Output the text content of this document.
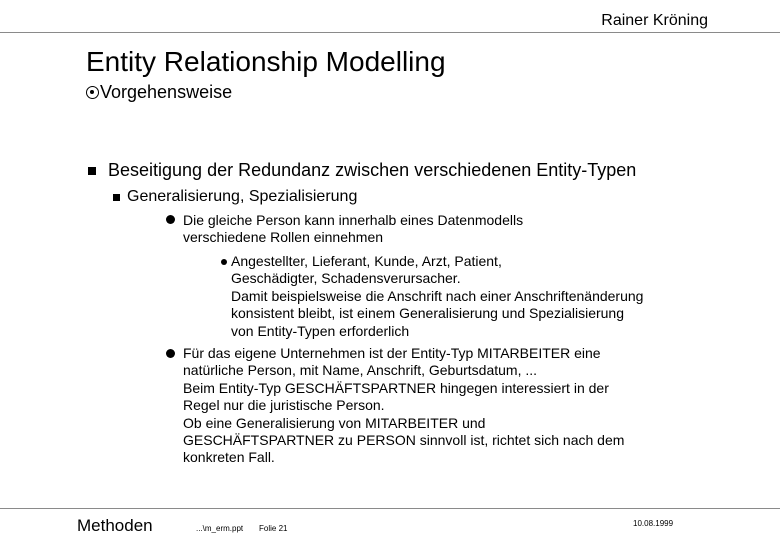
Rainer Kröning
Entity Relationship Modelling
Vorgehensweise
Beseitigung der Redundanz zwischen verschiedenen Entity-Typen
Generalisierung, Spezialisierung
Die gleiche Person kann innerhalb eines Datenmodells
verschiedene Rollen einnehmen
Angestellter, Lieferant, Kunde, Arzt, Patient,
Geschädigter, Schadensverursacher.
Damit beispielsweise die Anschrift nach einer Anschriftenänderung
konsistent bleibt, ist einem Generalisierung und Spezialisierung
von Entity-Typen erforderlich
Für das eigene Unternehmen ist der Entity-Typ MITARBEITER eine
natürliche Person, mit Name, Anschrift, Geburtsdatum, ...
Beim Entity-Typ GESCHÄFTSPARTNER hingegen interessiert in der
Regel nur die juristische Person.
Ob eine Generalisierung von MITARBEITER und
GESCHÄFTSPARTNER zu PERSON sinnvoll ist, richtet sich nach dem
konkreten Fall.
Methoden	...\m_erm.ppt Folie 21
10.08.1999
